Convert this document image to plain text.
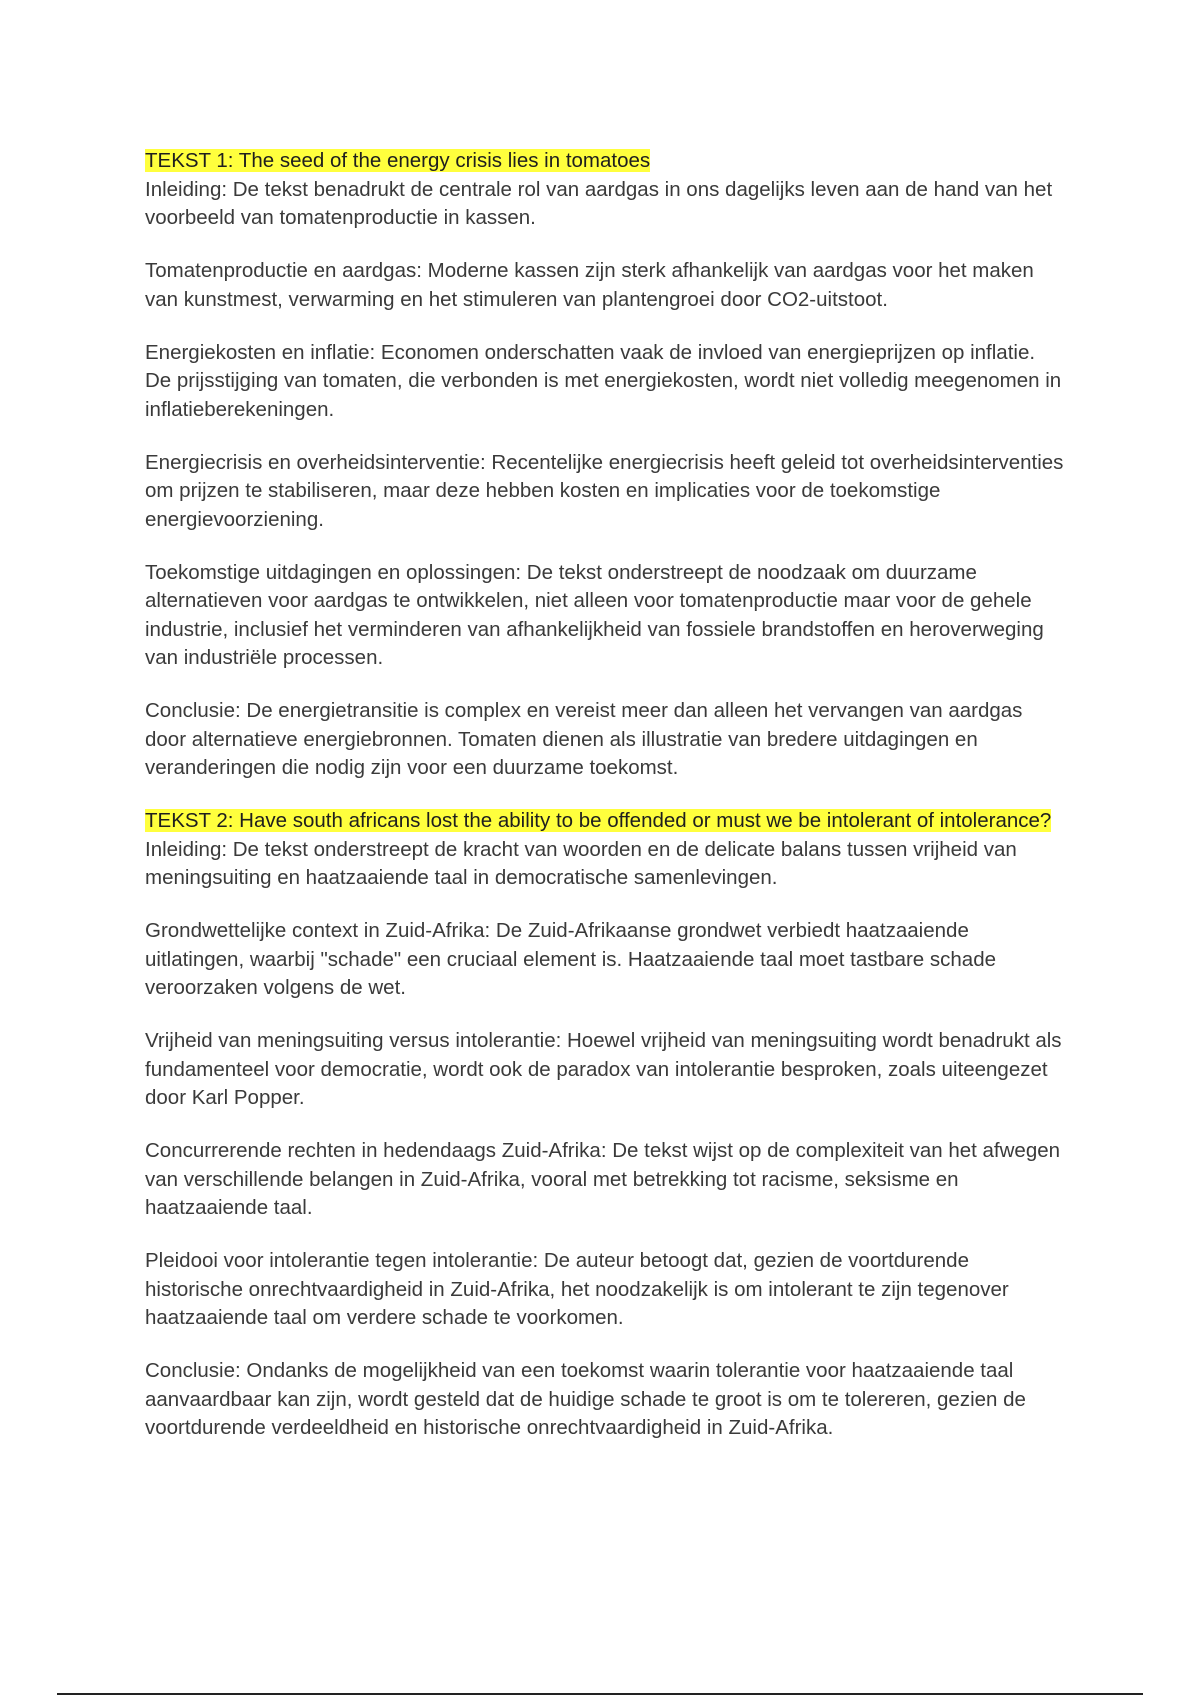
TEKST 1: The seed of the energy crisis lies in tomatoes

Inleiding: De tekst benadrukt de centrale rol van aardgas in ons dagelijks leven aan de hand van het voorbeeld van tomatenproductie in kassen.

Tomatenproductie en aardgas: Moderne kassen zijn sterk afhankelijk van aardgas voor het maken van kunstmest, verwarming en het stimuleren van plantengroei door CO2-uitstoot.

Energiekosten en inflatie: Economen onderschatten vaak de invloed van energieprijzen op inflatie. De prijsstijging van tomaten, die verbonden is met energiekosten, wordt niet volledig meegenomen in inflatieberekeningen.

Energiecrisis en overheidsinterventie: Recentelijke energiecrisis heeft geleid tot overheidsinterventies om prijzen te stabiliseren, maar deze hebben kosten en implicaties voor de toekomstige energievoorziening.

Toekomstige uitdagingen en oplossingen: De tekst onderstreept de noodzaak om duurzame alternatieven voor aardgas te ontwikkelen, niet alleen voor tomatenproductie maar voor de gehele industrie, inclusief het verminderen van afhankelijkheid van fossiele brandstoffen en heroverweging van industriële processen.

Conclusie: De energietransitie is complex en vereist meer dan alleen het vervangen van aardgas door alternatieve energiebronnen. Tomaten dienen als illustratie van bredere uitdagingen en veranderingen die nodig zijn voor een duurzame toekomst.

TEKST 2: Have south africans lost the ability to be offended or must we be intolerant of intolerance?

Inleiding: De tekst onderstreept de kracht van woorden en de delicate balans tussen vrijheid van meningsuiting en haatzaaiende taal in democratische samenlevingen.

Grondwettelijke context in Zuid-Afrika: De Zuid-Afrikaanse grondwet verbiedt haatzaaiende uitlatingen, waarbij "schade" een cruciaal element is. Haatzaaiende taal moet tastbare schade veroorzaken volgens de wet.

Vrijheid van meningsuiting versus intolerantie: Hoewel vrijheid van meningsuiting wordt benadrukt als fundamenteel voor democratie, wordt ook de paradox van intolerantie besproken, zoals uiteengezet door Karl Popper.

Concurrerende rechten in hedendaags Zuid-Afrika: De tekst wijst op de complexiteit van het afwegen van verschillende belangen in Zuid-Afrika, vooral met betrekking tot racisme, seksisme en haatzaaiende taal.

Pleidooi voor intolerantie tegen intolerantie: De auteur betoogt dat, gezien de voortdurende historische onrechtvaardigheid in Zuid-Afrika, het noodzakelijk is om intolerant te zijn tegenover haatzaaiende taal om verdere schade te voorkomen.

Conclusie: Ondanks de mogelijkheid van een toekomst waarin tolerantie voor haatzaaiende taal aanvaardbaar kan zijn, wordt gesteld dat de huidige schade te groot is om te tolereren, gezien de voortdurende verdeeldheid en historische onrechtvaardigheid in Zuid-Afrika.
